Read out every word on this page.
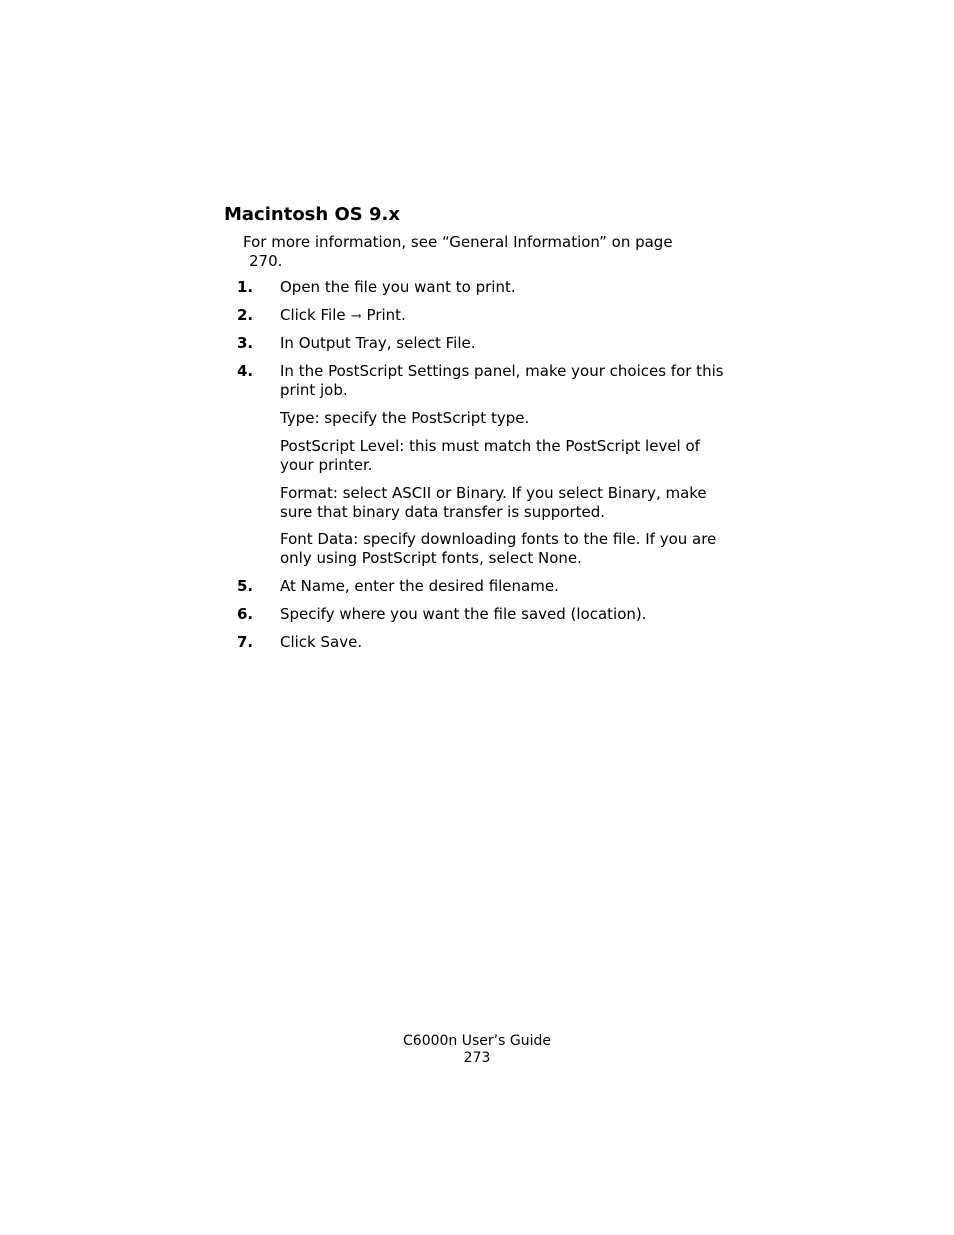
Macintosh OS 9.x

For more information, see “General Information” on page
270.

1. Open the file you want to print.
2. Click File → Print.
3. In Output Tray, select File.
4. In the PostScript Settings panel, make your choices for this print job.

Type: specify the PostScript type.

PostScript Level: this must match the PostScript level of your printer.

Format: select ASCII or Binary. If you select Binary, make sure that binary data transfer is supported.

Font Data: specify downloading fonts to the file. If you are only using PostScript fonts, select None.

5. At Name, enter the desired filename.
6. Specify where you want the file saved (location).
7. Click Save.
C6000n User’s Guide
273
